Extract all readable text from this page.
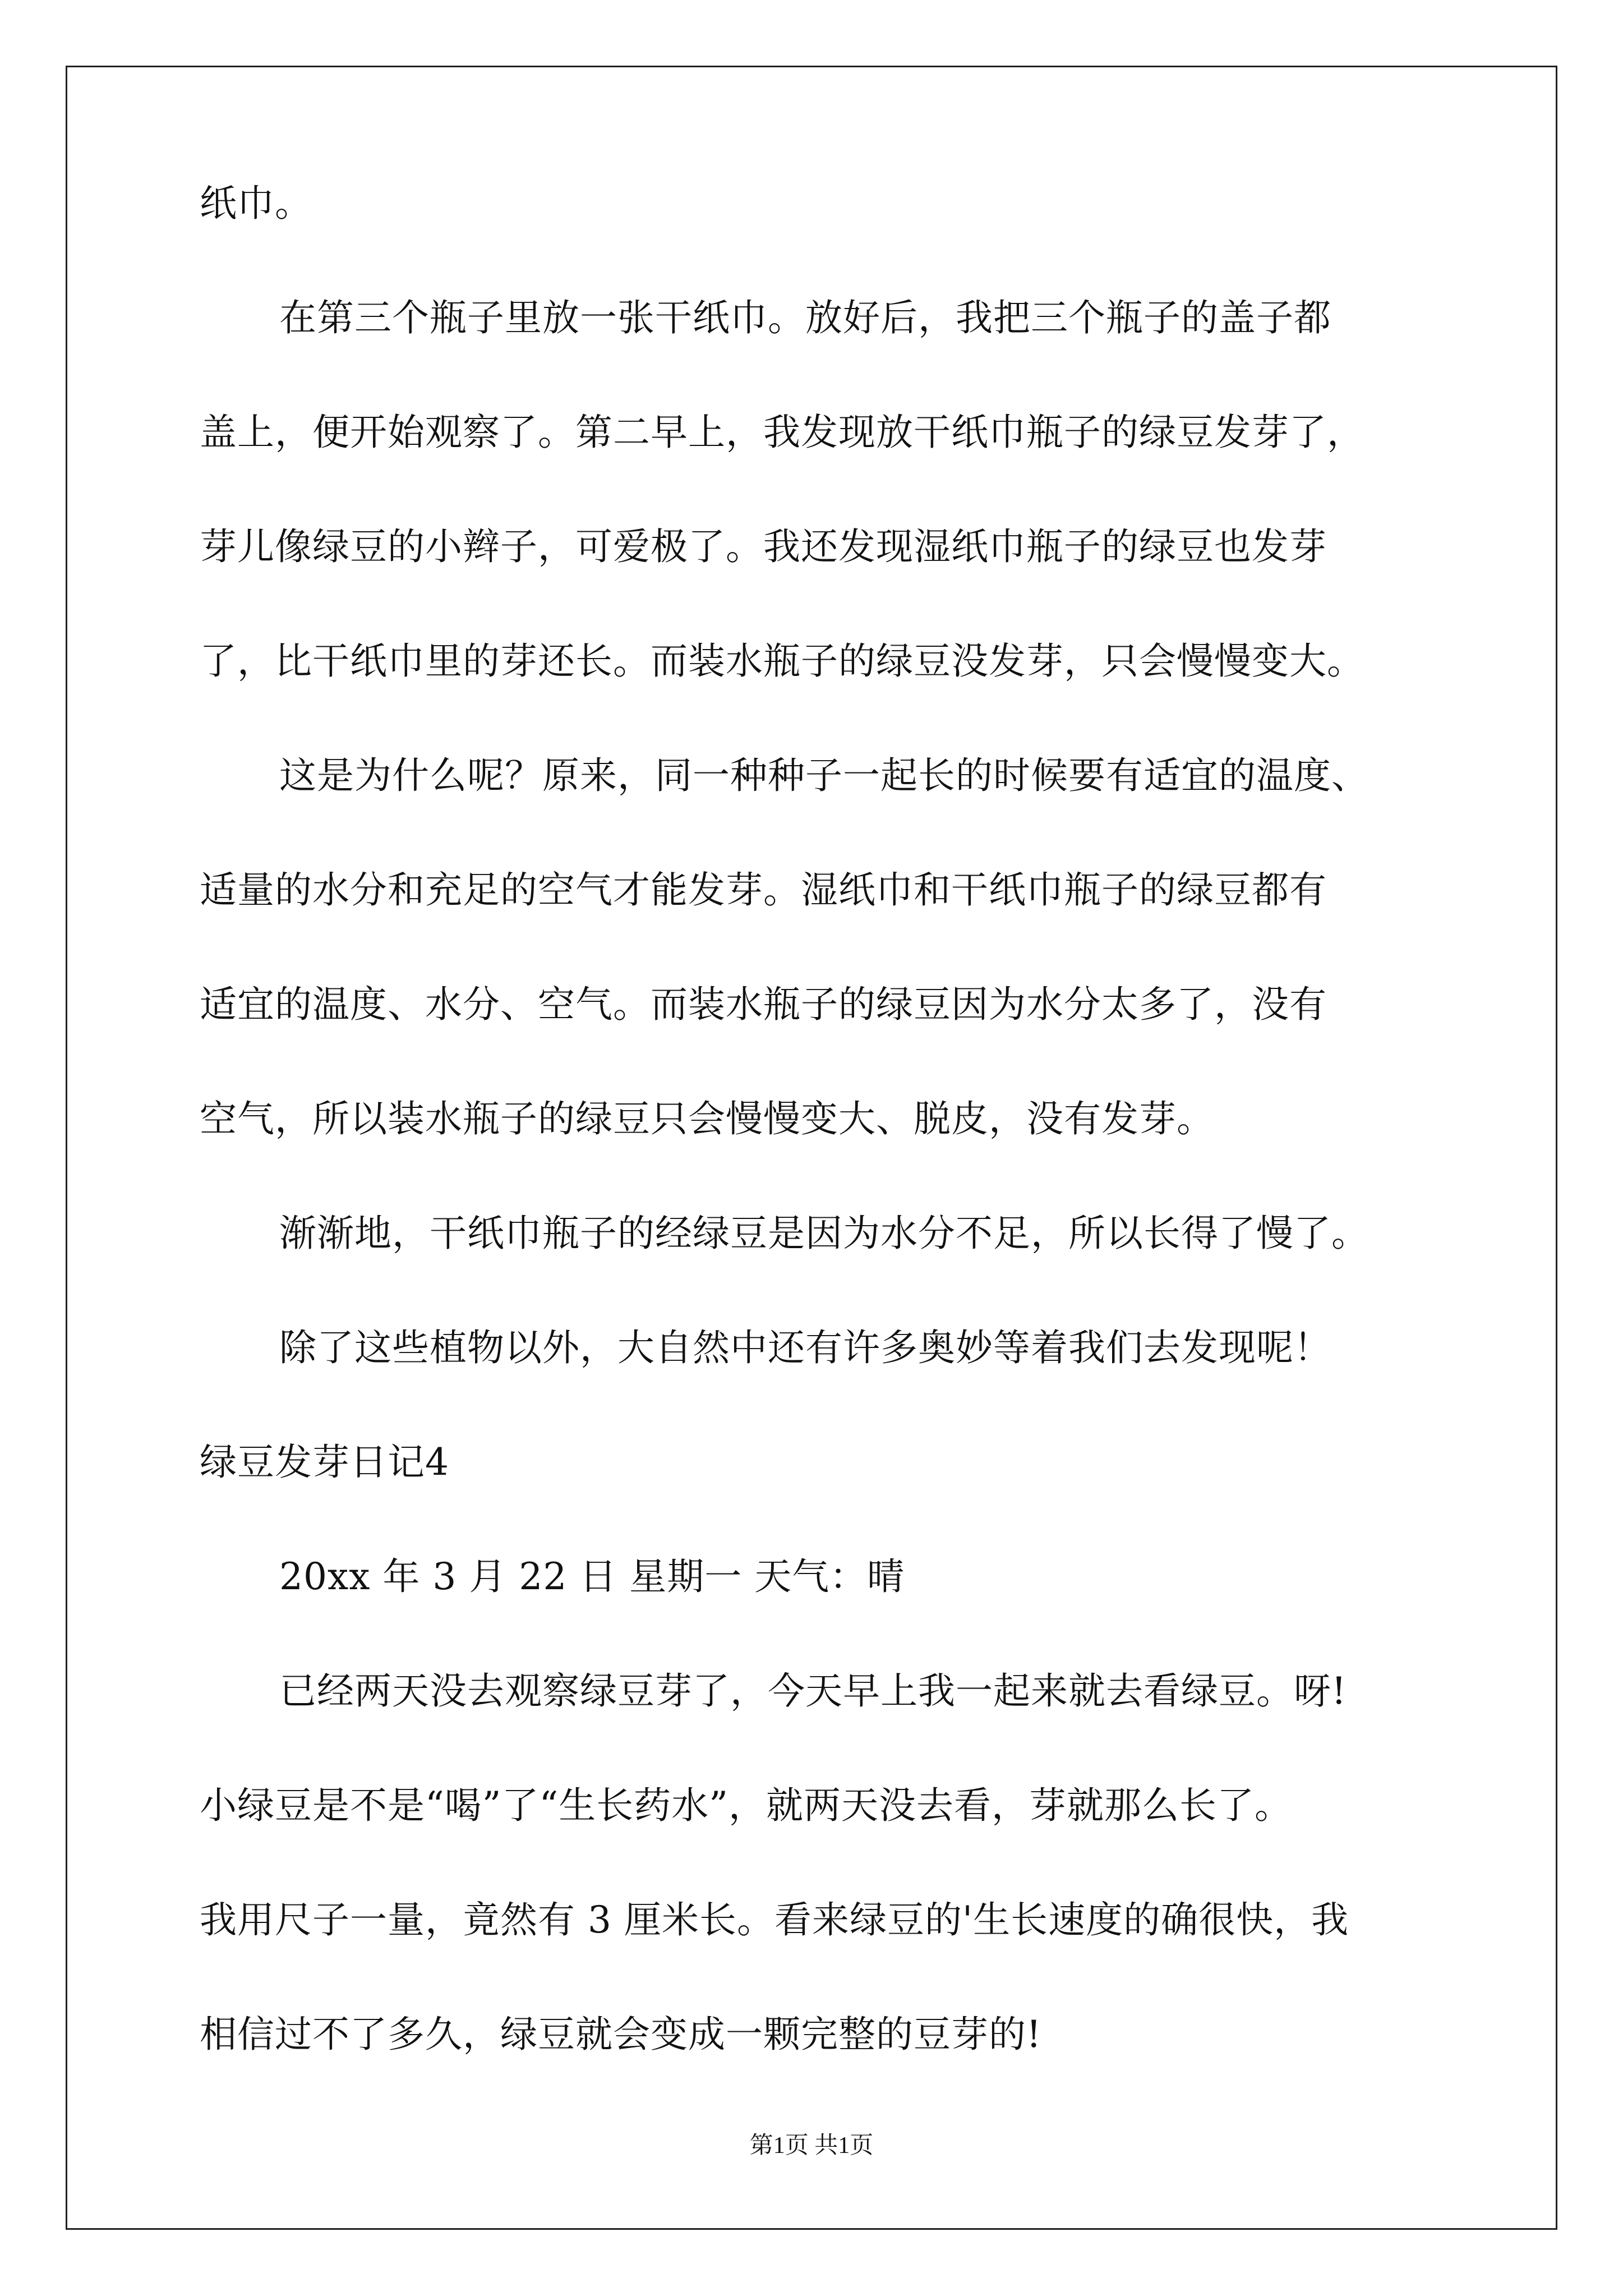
纸巾。
在第三个瓶子里放一张干纸巾。放好后，我把三个瓶子的盖子都
盖上，便开始观察了。第二早上，我发现放干纸巾瓶子的绿豆发芽了，
芽儿像绿豆的小辫子，可爱极了。我还发现湿纸巾瓶子的绿豆也发芽
了，比干纸巾里的芽还长。而装水瓶子的绿豆没发芽，只会慢慢变大。
这是为什么呢？原来，同一种种子一起长的时候要有适宜的温度、
适量的水分和充足的空气才能发芽。湿纸巾和干纸巾瓶子的绿豆都有
适宜的温度、水分、空气。而装水瓶子的绿豆因为水分太多了，没有
空气，所以装水瓶子的绿豆只会慢慢变大、脱皮，没有发芽。
渐渐地，干纸巾瓶子的经绿豆是因为水分不足，所以长得了慢了。
除了这些植物以外，大自然中还有许多奥妙等着我们去发现呢！
绿豆发芽日记4
20xx 年 3 月 22 日 星期一 天气：晴
已经两天没去观察绿豆芽了，今天早上我一起来就去看绿豆。呀!
小绿豆是不是“喝”了“生长药水”，就两天没去看，芽就那么长了。
我用尺子一量，竟然有 3 厘米长。看来绿豆的'生长速度的确很快，我
相信过不了多久，绿豆就会变成一颗完整的豆芽的!
第1页 共1页
